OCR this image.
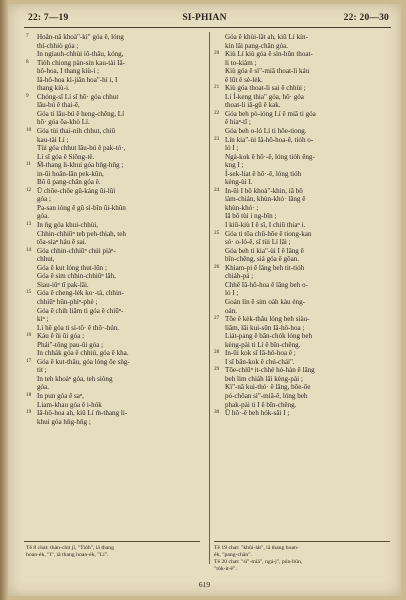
22: 7—19	SI-PHIAN	22: 20—30
7 Hoân-nā khoà"-kì" góa ê, lóng
thí-chhiò góa ;
In ngiauh-chhùi iô-thâu, kóng,
8 Tiòh chiong pàn-sin kau-tài Iâ-
hô-hoa, I thang kiù-i ;
Iâ-hô-hoa kì-jiân hoa"-hí i, I
thang kiù-i.
9 Chóng-sī Lí sī hō· góa chhut
lāu-bú ê thai-ē,
Góa ti lāu-bú ê heng-chêng, Lí
hō· góa ōa-khò Lí.
10 Góa tùi thai-nih chhut, chiū
kau-tài Lí ;
Tùi góa chhut lāu-bú ê pak-tó·,
Lí sī góa ê Siōng-tè.
11 M̄-thang li-khui góa hn̄g-hn̄g ;
in-ūi hoân-lân pek-kūn,
Bô ū pang-chān góa ê.
12 Ū chōe-chōe gû-káng ûi-lûi
góa ;
Pa-san ióng ê gû sì-bîn ûi-khûn
góa.
13 In n̄g góa khui-chhùi,
Chhin-chhiūⁿ teh peh-thiah, teh
tōa-siaⁿ háu ê sai.
14 Góa chhin-chhiūⁿ chúi piàⁿ-
chhut,
Góa ê kut lóng thut-lûn ;
Góa ê sim chhin-chhiūⁿ lâh,
Siau-iûⁿ tī pak-lāi.
15 Góa ê cheng-lėk ko·-tá, chhin-
chhiūⁿ hûn-phìⁿ-phè ;
Góa ê chih liâm ti góa ê chiūⁿ-
kìⁿ ;
Lí hē góa ti sí-tō· ê thô·-hún.
16 Káu ê ûi ûi góa ;
Phái"-tông pau-ûi góa ;
In chhák góa ê chhiú, góa ê kha.
17 Góa ê kut-thâu, góa lóng ōe sǹg-
tit ;
In teh khoàⁿ góa, teh siòng
góa.
18 In pun góa ê saⁿ,
Liam-khau góa ê i-hók
19 Iâ-hô-hoa ah, kiû Lí m̄-thang li-
khui góa hn̄g-hn̄g ;
Góa ê khùi-lât ah, kiû Lí kín-
kín lâi pang-chān góa.
20 Kiù Lí kiù góa ê sìn-hûn thoat-
li to-kiàm ;
Kiù góa ê sì"-miā thoat-li káu
ê lūt ê sè-lėk.
21 Kiù góa thoat-li sai ê chhùi ;
Lí Í-keng thia" góa, hō· góa
thoat-li iā-gû ê kak.
22 Góa beh pò-ióng Lí ê miâ ti góa
ê hiaⁿ-tī ;
Góa beh o-ló Lí ti hōe-tiong.
23 Lín kia"-ùi Iâ-hô-hoa-ê, tióh o-
ló I ;
Ngá-kok ê hō·-ê, lóng tióh êng-
kng I ;
Í-sek-liat ê hō·-ê, lóng tióh
kèng-ùi I.
24 In-ūi I bô khoà"-khin, iā bô
iàm-chián, khùn-khó· lâng ê
khùn-khó· ;
Iā bô tùi i ng-bīn ;
I kiû-kiù I ê sî, I chiū thiaⁿ i.
25 Góa ti tōa chū-hōe ê tiong-kan
só· o-ló-ê, sī tùi Lí lâi ;
Góa beh ti kia"-ùi I ê lâng ê
bīn-chêng, siá góa ê gōan.
26 Khiam-pi ê lâng beh tit-tióh
chiáh-pá ;
Chhē Iâ-hô-hoa ê lâng beh o-
ló I ;
Goán lín ê sim oàh kàu éng-
oán.
27 Tōe ê kėk-thâu lóng beh siàu-
liām, lâi kui-sûn Iâ-hô-hoa ;
Liát-pang ê bān-chók lóng beh
kèng-pài ti Lí ê bīn-chêng.
28 In-ūi kok sī Iâ-hô-hoa ê ;
I sī bān-kok ê chú-chái".
29 Tōe-chiūⁿ it-chhè hó-hàn ê lâng
beh lim chiáh lâi kèng-pài ;
Kì"-nā kui-thó· ê lâng, bōe-ōe
pó-chôan sì"-miā-ê, lóng beh
phak-pài ti I ê bīn-chêng.
30 Ū hō·-ê beh hók-sāi I ;
Tē 8 chat: thàn-chit jī, "Tióh", iā thang
hoan-ėk, "I", iā thang hoan-ėk, "Lí".
Tē 19 chat: "khùi-lát", iā thang hoan-
ėk, "pang-chān".
Tē 20 chat: "sì"-miā", ngá-j", pún-būn,
"tók-it-ê".
619
